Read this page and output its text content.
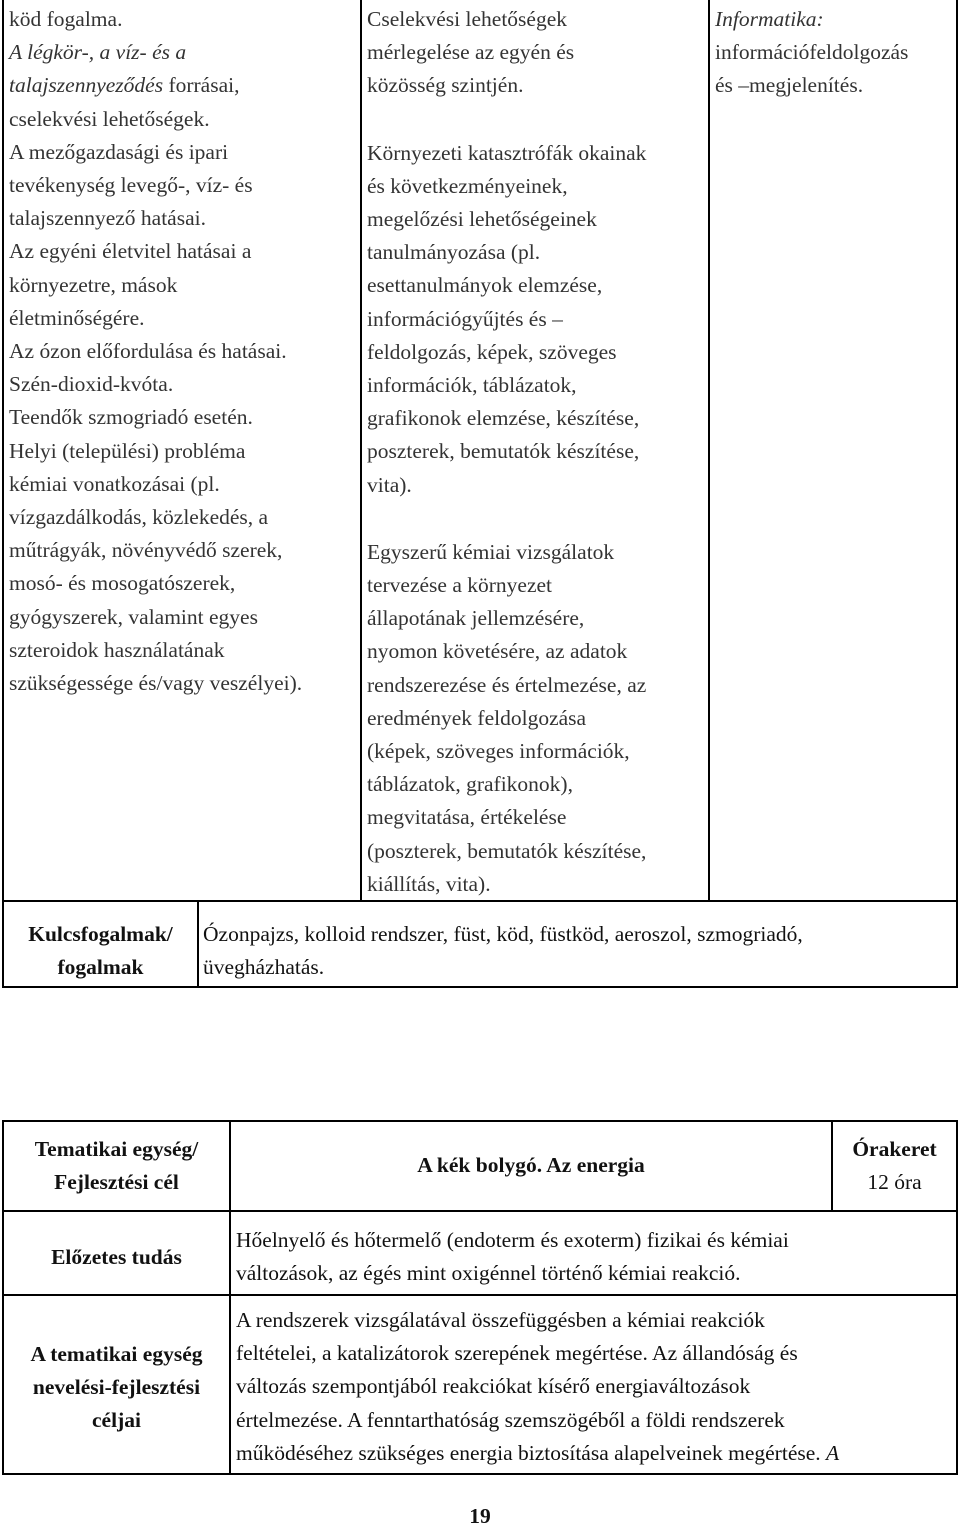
köd fogalma.
A légkör-, a víz- és a
talajszennyeződés forrásai,
cselekvési lehetőségek.
A mezőgazdasági és ipari
tevékenység levegő-, víz- és
talajszennyező hatásai.
Az egyéni életvitel hatásai a
környezetre, mások
életminőségére.
Az ózon előfordulása és hatásai.
Szén-dioxid-kvóta.
Teendők szmogriadó esetén.
Helyi (települési) probléma
kémiai vonatkozásai (pl.
vízgazdálkodás, közlekedés, a
műtrágyák, növényvédő szerek,
mosó- és mosogatószerek,
gyógyszerek, valamint egyes
szteroidok használatának
szükségessége és/vagy veszélyei).
Cselekvési lehetőségek
mérlegelése az egyén és
közösség szintjén.
Környezeti katasztrófák okainak
és következményeinek,
megelőzési lehetőségeinek
tanulmányozása (pl.
esettanulmányok elemzése,
információgyűjtés és –
feldolgozás, képek, szöveges
információk, táblázatok,
grafikonok elemzése, készítése,
poszterek, bemutatók készítése,
vita).
Egyszerű kémiai vizsgálatok
tervezése a környezet
állapotának jellemzésére,
nyomon követésére, az adatok
rendszerezése és értelmezése, az
eredmények feldolgozása
(képek, szöveges információk,
táblázatok, grafikonok),
megvitatása, értékelése
(poszterek, bemutatók készítése,
kiállítás, vita).
Informatika:
információfeldolgozás
és –megjelenítés.
Kulcsfogalmak/
fogalmak
Ózonpajzs, kolloid rendszer, füst, köd, füstköd, aeroszol, szmogriadó,
üvegházhatás.
Tematikai egység/
Fejlesztési cél
A kék bolygó. Az energia
Órakeret
12 óra
Előzetes tudás
Hőelnyelő és hőtermelő (endoterm és exoterm) fizikai és kémiai
változások, az égés mint oxigénnel történő kémiai reakció.
A tematikai egység
nevelési-fejlesztési
céljai
A rendszerek vizsgálatával összefüggésben a kémiai reakciók
feltételei, a katalizátorok szerepének megértése. Az állandóság és
változás szempontjából reakciókat kísérő energiaváltozások
értelmezése. A fenntarthatóság szemszögéből a földi rendszerek
működéséhez szükséges energia biztosítása alapelveinek megértése. A
19
